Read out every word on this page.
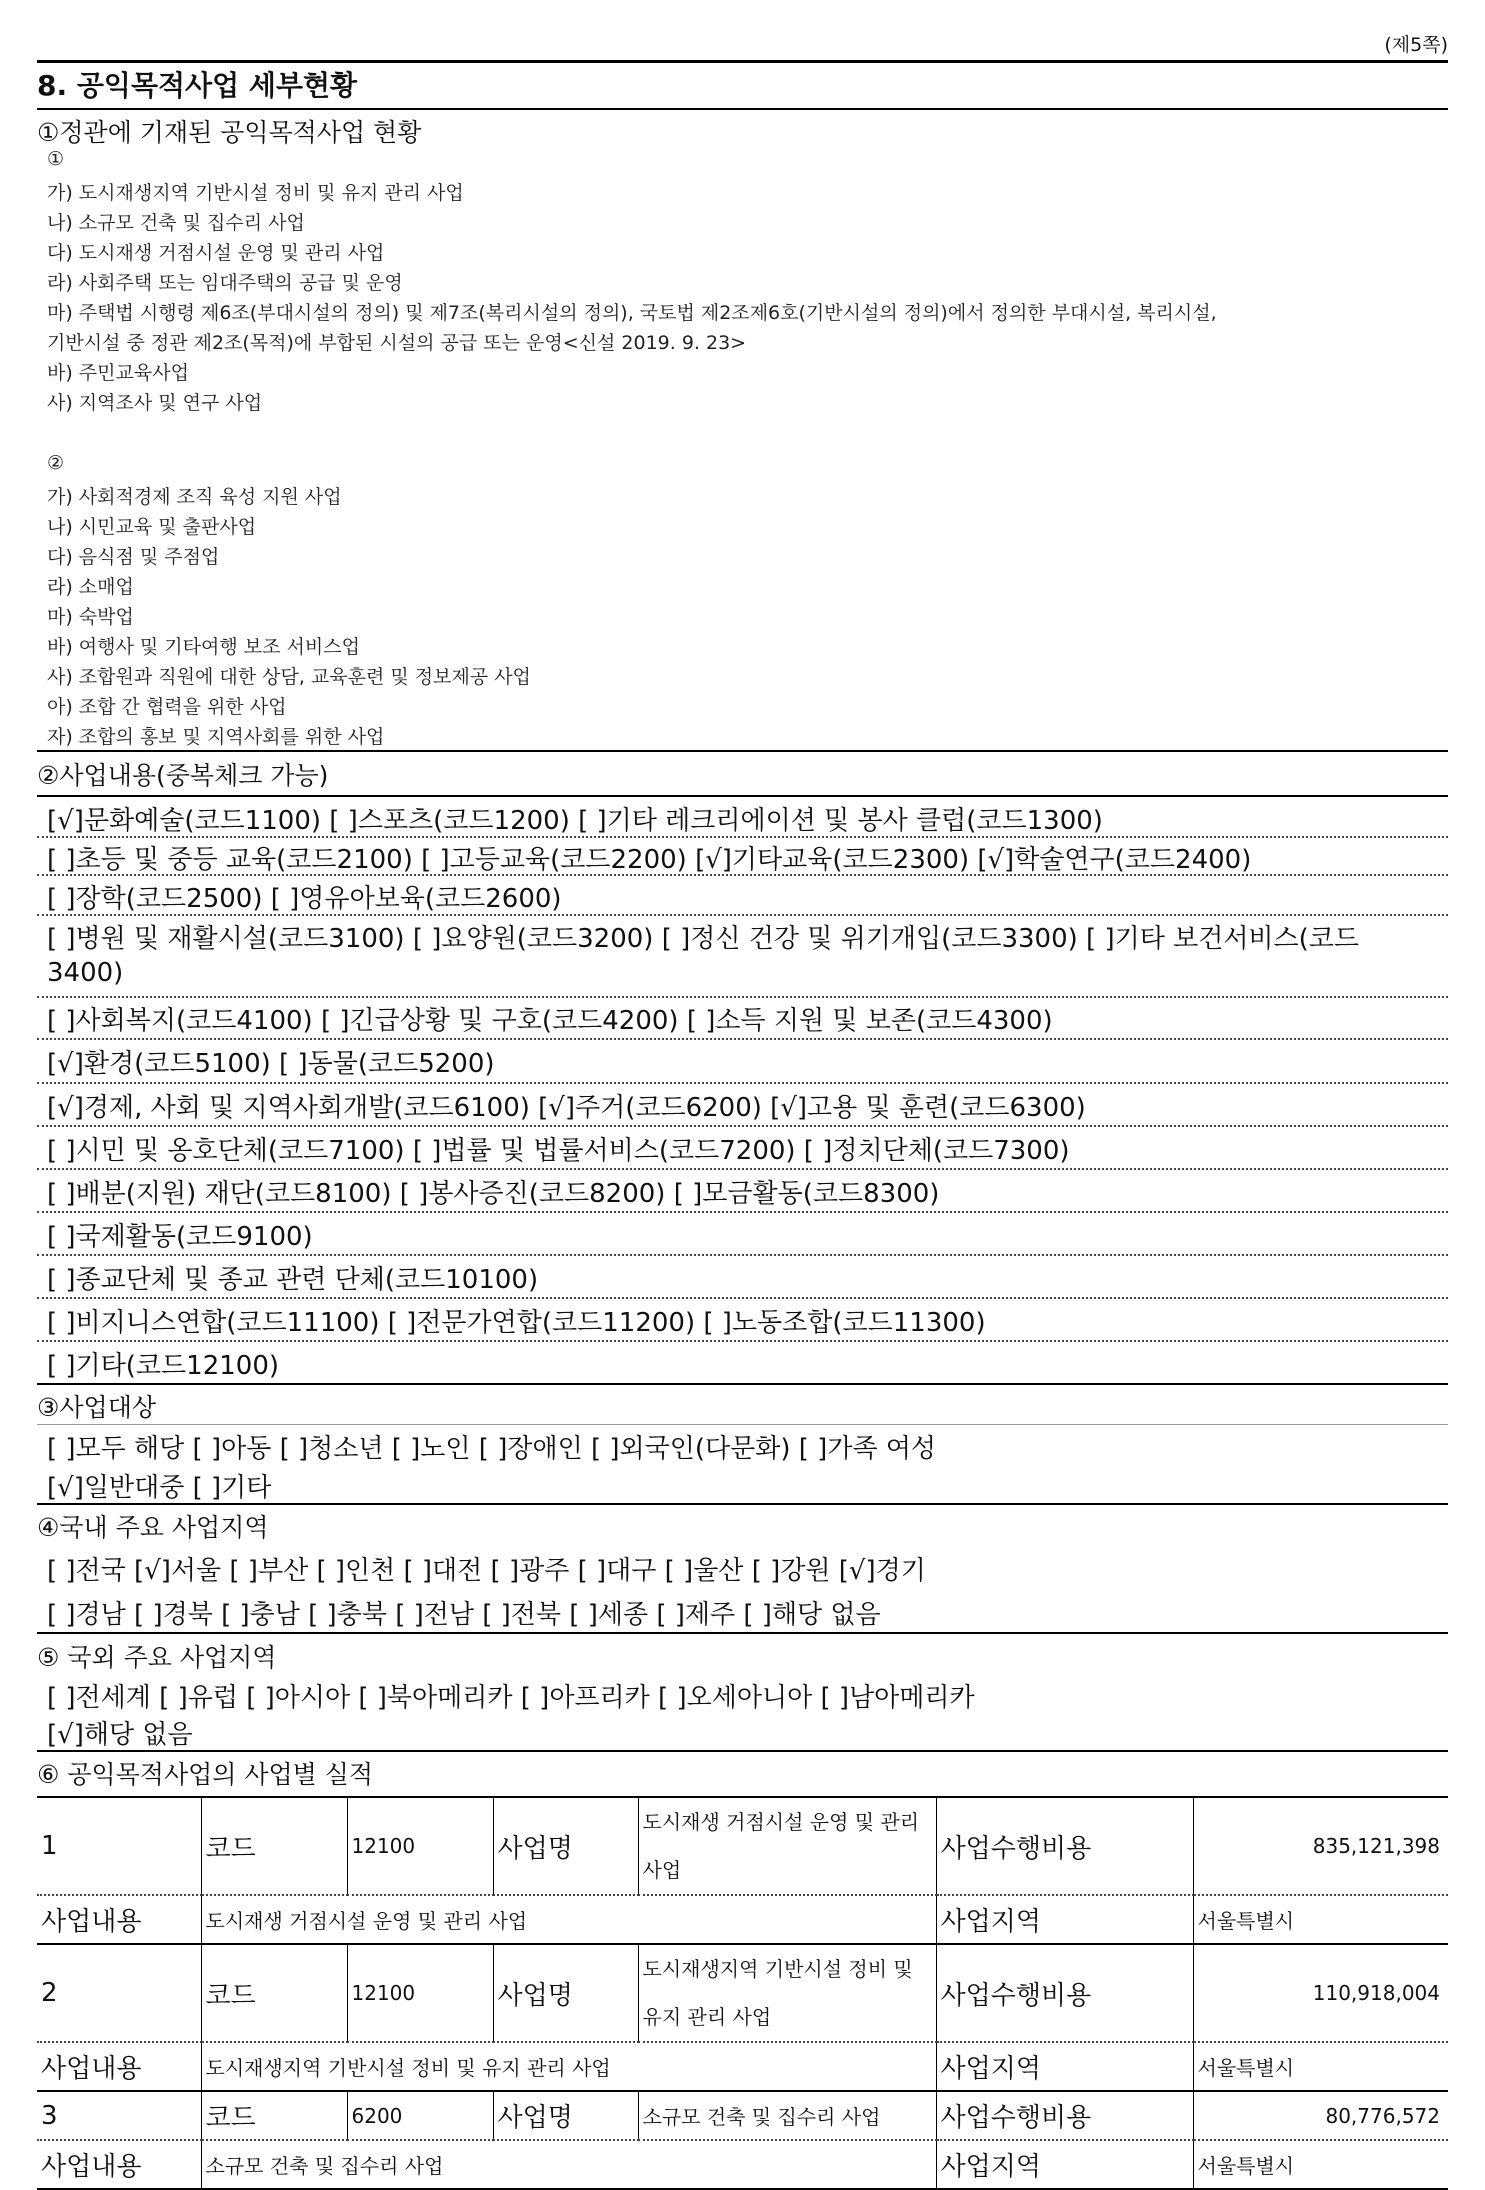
(제5쪽)
8. 공익목적사업 세부현황
①정관에 기재된 공익목적사업 현황
①
가) 도시재생지역 기반시설 정비 및 유지 관리 사업
나) 소규모 건축 및 집수리 사업
다) 도시재생 거점시설 운영 및 관리 사업
라) 사회주택 또는 임대주택의 공급 및 운영
마) 주택법 시행령 제6조(부대시설의 정의) 및 제7조(복리시설의 정의), 국토법 제2조제6호(기반시설의 정의)에서 정의한 부대시설, 복리시설,
기반시설 중 정관 제2조(목적)에 부합된 시설의 공급 또는 운영<신설 2019. 9. 23>
바) 주민교육사업
사) 지역조사 및 연구 사업
②
가) 사회적경제 조직 육성 지원 사업
나) 시민교육 및 출판사업
다) 음식점 및 주점업
라) 소매업
마) 숙박업
바) 여행사 및 기타여행 보조 서비스업
사) 조합원과 직원에 대한 상담, 교육훈련 및 정보제공 사업
아) 조합 간 협력을 위한 사업
자) 조합의 홍보 및 지역사회를 위한 사업
②사업내용(중복체크 가능)
[√]문화예술(코드1100) [ ]스포츠(코드1200) [ ]기타 레크리에이션 및 봉사 클럽(코드1300)
[ ]초등 및 중등 교육(코드2100) [ ]고등교육(코드2200) [√]기타교육(코드2300) [√]학술연구(코드2400)
[ ]장학(코드2500) [ ]영유아보육(코드2600)
[ ]병원 및 재활시설(코드3100) [ ]요양원(코드3200) [ ]정신 건강 및 위기개입(코드3300) [ ]기타 보건서비스(코드
3400)
[ ]사회복지(코드4100) [ ]긴급상황 및 구호(코드4200) [ ]소득 지원 및 보존(코드4300)
[√]환경(코드5100) [ ]동물(코드5200)
[√]경제, 사회 및 지역사회개발(코드6100) [√]주거(코드6200) [√]고용 및 훈련(코드6300)
[ ]시민 및 옹호단체(코드7100) [ ]법률 및 법률서비스(코드7200) [ ]정치단체(코드7300)
[ ]배분(지원) 재단(코드8100) [ ]봉사증진(코드8200) [ ]모금활동(코드8300)
[ ]국제활동(코드9100)
[ ]종교단체 및 종교 관련 단체(코드10100)
[ ]비지니스연합(코드11100) [ ]전문가연합(코드11200) [ ]노동조합(코드11300)
[ ]기타(코드12100)
③사업대상
[ ]모두 해당 [ ]아동 [ ]청소년 [ ]노인 [ ]장애인 [ ]외국인(다문화) [ ]가족 여성
[√]일반대중 [ ]기타
④국내 주요 사업지역
[ ]전국 [√]서울 [ ]부산 [ ]인천 [ ]대전 [ ]광주 [ ]대구 [ ]울산 [ ]강원 [√]경기
[ ]경남 [ ]경북 [ ]충남 [ ]충북 [ ]전남 [ ]전북 [ ]세종 [ ]제주 [ ]해당 없음
⑤ 국외 주요 사업지역
[ ]전세계 [ ]유럽 [ ]아시아 [ ]북아메리카 [ ]아프리카 [ ]오세아니아 [ ]남아메리카
[√]해당 없음
⑥ 공익목적사업의 사업별 실적
1	코드	12100	사업명	도시재생 거점시설 운영 및 관리 사업	사업수행비용	835,121,398
사업내용	도시재생 거점시설 운영 및 관리 사업				사업지역	서울특별시
2	코드	12100	사업명	도시재생지역 기반시설 정비 및 유지 관리 사업	사업수행비용	110,918,004
사업내용	도시재생지역 기반시설 정비 및 유지 관리 사업				사업지역	서울특별시
3	코드	6200	사업명	소규모 건축 및 집수리 사업	사업수행비용	80,776,572
사업내용	소규모 건축 및 집수리 사업				사업지역	서울특별시
